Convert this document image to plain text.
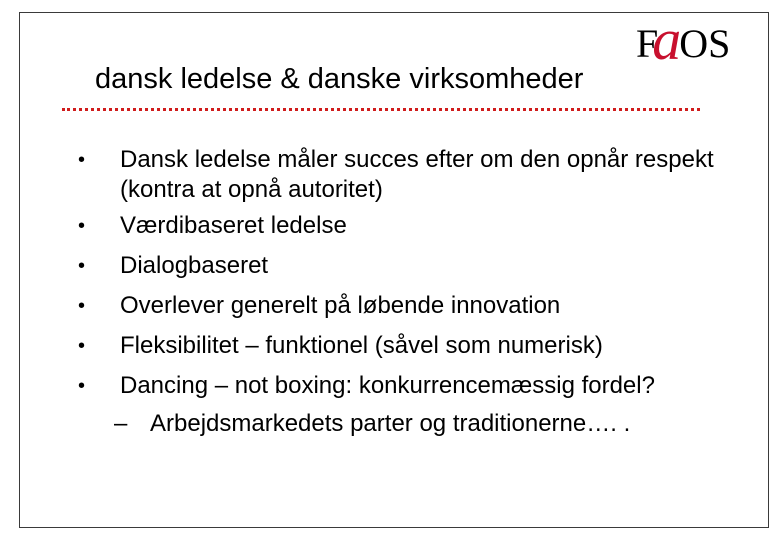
FaOS
dansk ledelse & danske virksomheder
• Dansk ledelse måler succes efter om den opnår respekt (kontra at opnå autoritet)
• Værdibaseret ledelse
• Dialogbaseret
• Overlever generelt på løbende innovation
• Fleksibilitet – funktionel (såvel som numerisk)
• Dancing – not boxing: konkurrencemæssig fordel?
– Arbejdsmarkedets parter og traditionerne…. .
